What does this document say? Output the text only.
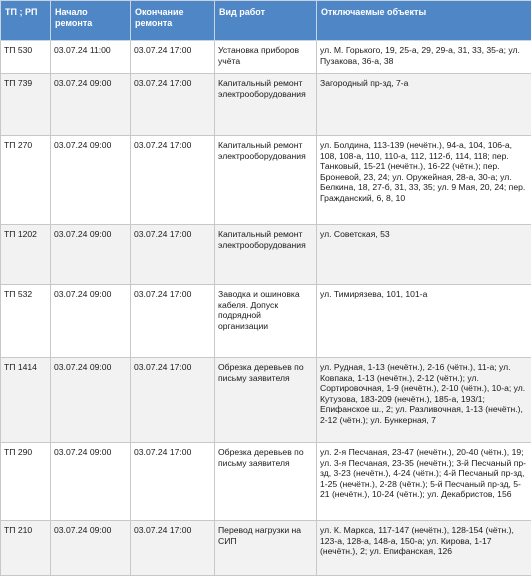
ТП ; РП	Начало ремонта	Окончание ремонта	Вид работ	Отключаемые объекты
ТП 530	03.07.24 11:00	03.07.24 17:00	Установка приборов учёта	ул. М. Горького, 19, 25-а, 29, 29-а, 31, 33, 35-а; ул. Пузакова, 36-а, 38
ТП 739	03.07.24 09:00	03.07.24 17:00	Капитальный ремонт электрооборудования	Загородный пр-зд, 7-а
ТП 270	03.07.24 09:00	03.07.24 17:00	Капитальный ремонт электрооборудования	ул. Болдина, 113-139 (нечётн.), 94-а, 104, 106-а, 108, 108-а, 110, 110-а, 112, 112-б, 114, 118; пер. Танковый, 15-21 (нечётн.), 16-22 (чётн.); пер. Броневой, 23, 24; ул. Оружейная, 28-а, 30-а; ул. Белкина, 18, 27-б, 31, 33, 35; ул. 9 Мая, 20, 24; пер. Гражданский, 6, 8, 10
ТП 1202	03.07.24 09:00	03.07.24 17:00	Капитальный ремонт электрооборудования	ул. Советская, 53
ТП 532	03.07.24 09:00	03.07.24 17:00	Заводка и ошиновка кабеля. Допуск подрядной организации	ул. Тимирязева, 101, 101-а
ТП 1414	03.07.24 09:00	03.07.24 17:00	Обрезка деревьев по письму заявителя	ул. Рудная, 1-13 (нечётн.), 2-16 (чётн.), 11-а; ул. Ковпака, 1-13 (нечётн.), 2-12 (чётн.); ул. Сортировочная, 1-9 (нечётн.), 2-10 (чётн.), 10-а; ул. Кутузова, 183-209 (нечётн.), 185-а, 193/1; Епифанское ш., 2; ул. Разливочная, 1-13 (нечётн.), 2-12 (чётн.); ул. Бункерная, 7
ТП 290	03.07.24 09:00	03.07.24 17:00	Обрезка деревьев по письму заявителя	ул. 2-я Песчаная, 23-47 (нечётн.), 20-40 (чётн.), 19; ул. 3-я Песчаная, 23-35 (нечётн.); 3-й Песчаный пр-зд, 3-23 (нечётн.), 4-24 (чётн.); 4-й Песчаный пр-зд, 1-25 (нечётн.), 2-28 (чётн.); 5-й Песчаный пр-зд, 5-21 (нечётн.), 10-24 (чётн.); ул. Декабристов, 156
ТП 210	03.07.24 09:00	03.07.24 17:00	Перевод нагрузки на СИП	ул. К. Маркса, 117-147 (нечётн.), 128-154 (чётн.), 123-а, 128-а, 148-а, 150-а; ул. Кирова, 1-17 (нечётн.), 2; ул. Епифанская, 126
